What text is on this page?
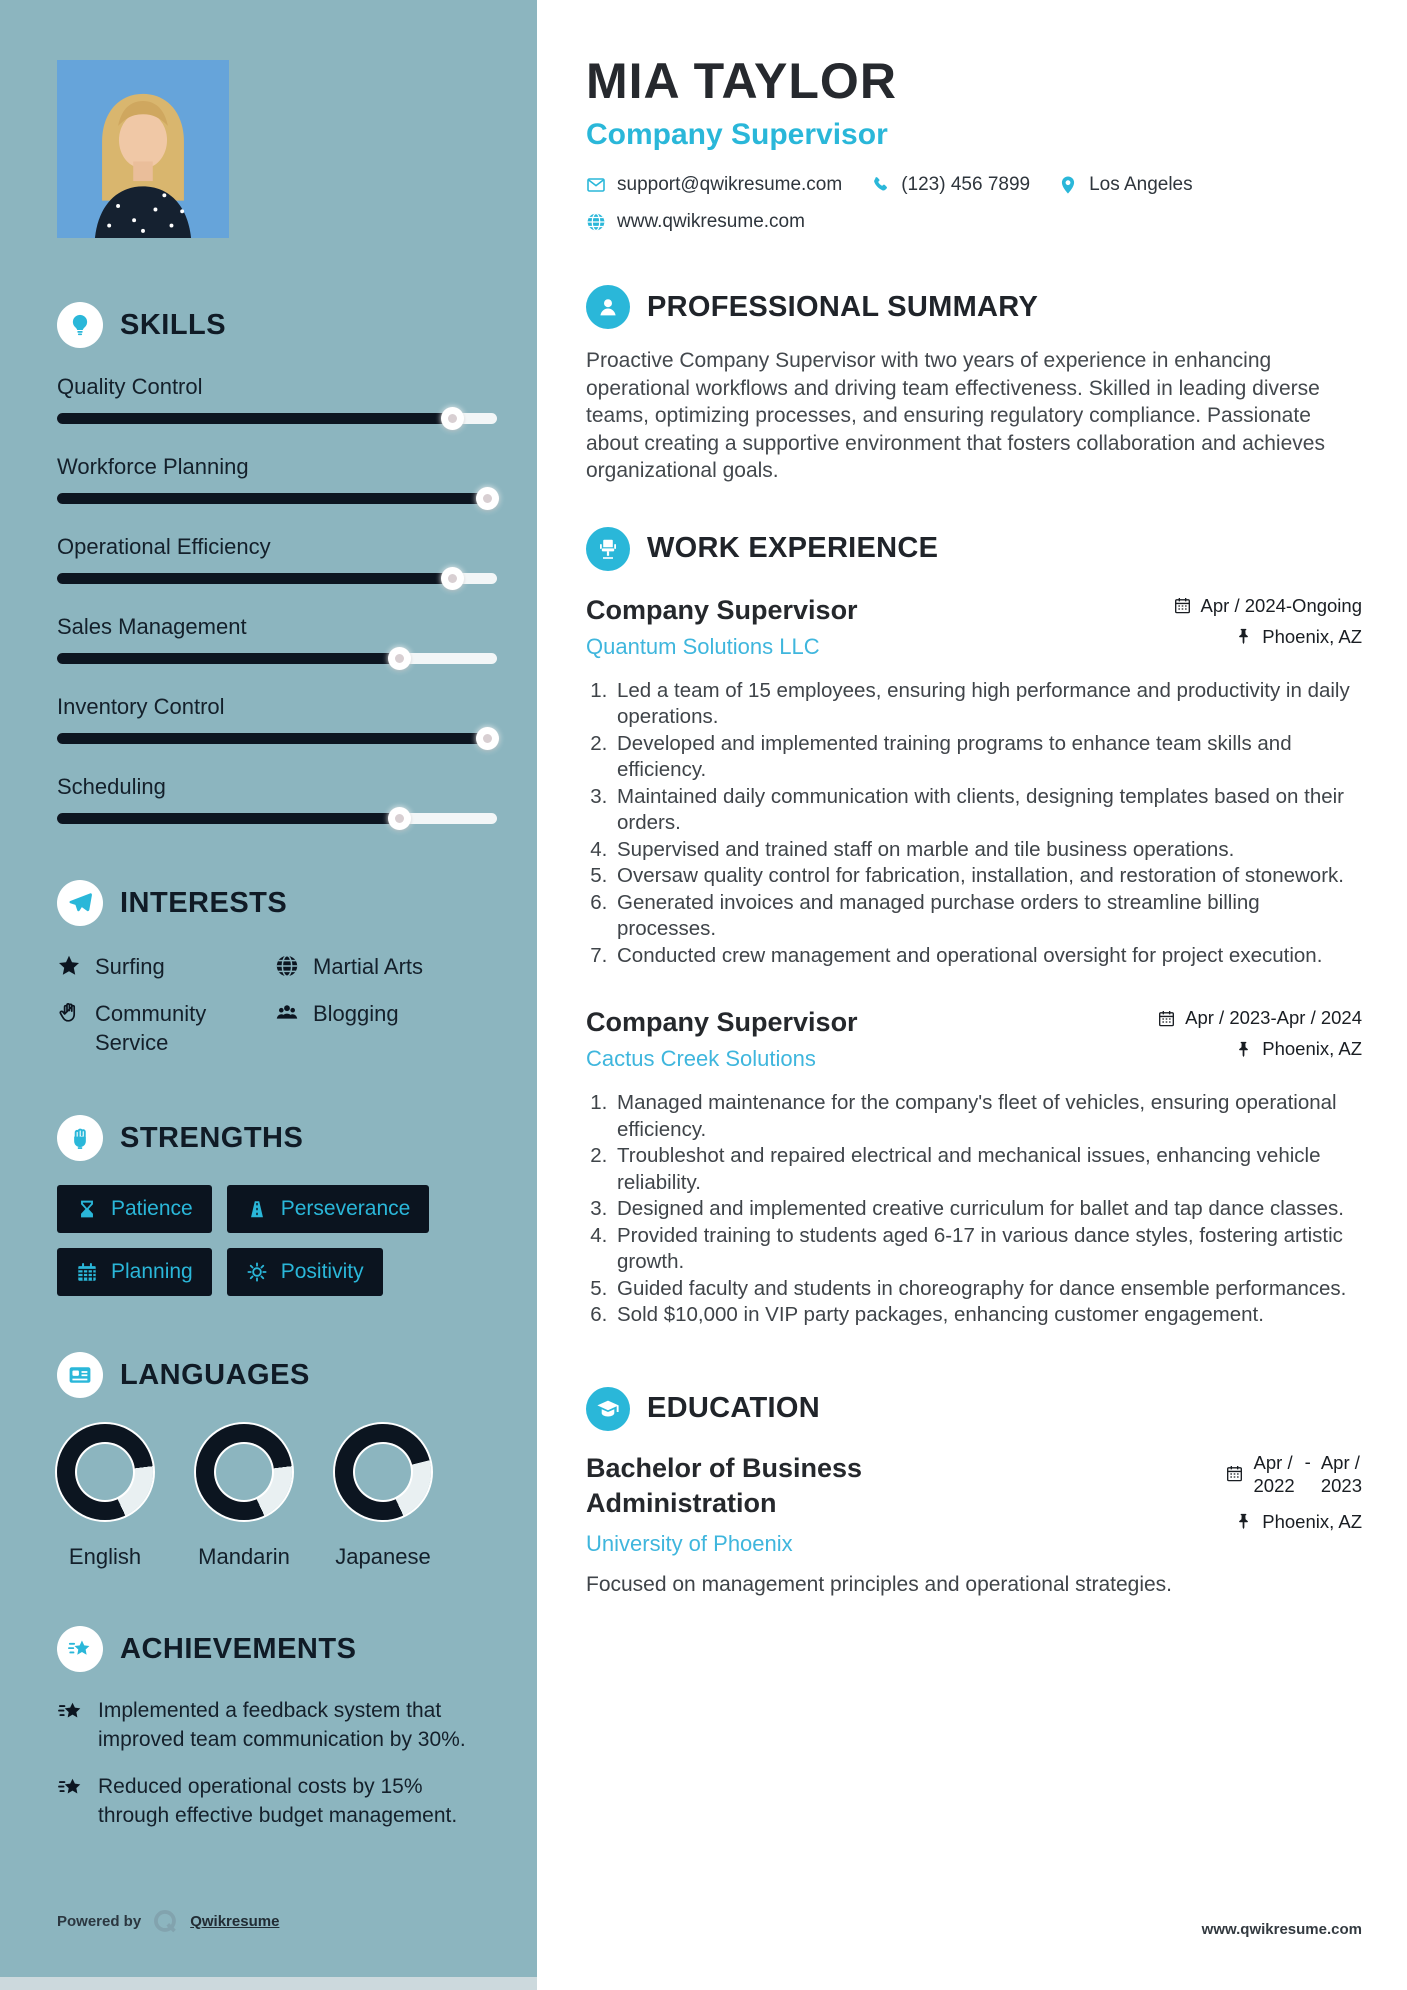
SKILLS
Quality Control
Workforce Planning
Operational Efficiency
Sales Management
Inventory Control
Scheduling
INTERESTS
Surfing	Martial Arts
Community Service
Blogging
STRENGTHS
Patience	Perseverance
Planning	Positivity
LANGUAGES
English	Mandarin Japanese
ACHIEVEMENTS

Implemented a feedback system that improved team communication by 30%.

Reduced operational costs by 15% through effective budget management.

Powered by	Qwikresume
MIA TAYLOR
Company Supervisor
support@qwikresume.com	(123) 456 7899	Los Angeles
www.qwikresume.com
PROFESSIONAL SUMMARY

Proactive Company Supervisor with two years of experience in enhancing operational workflows and driving team effectiveness. Skilled in leading diverse teams, optimizing processes, and ensuring regulatory compliance. Passionate about creating a supportive environment that fosters collaboration and achieves organizational goals.

WORK EXPERIENCE
Company Supervisor
Quantum Solutions LLC
Apr / 2024-Ongoing
Phoenix, AZ
1. Led a team of 15 employees, ensuring high performance and productivity in daily operations.
2. Developed and implemented training programs to enhance team skills and efficiency.
3. Maintained daily communication with clients, designing templates based on their orders.
4. Supervised and trained staff on marble and tile business operations.
5. Oversaw quality control for fabrication, installation, and restoration of stonework.
6. Generated invoices and managed purchase orders to streamline billing processes.
7. Conducted crew management and operational oversight for project execution.
Company Supervisor
Cactus Creek Solutions
Apr / 2023-Apr / 2024
Phoenix, AZ
1. Managed maintenance for the company's fleet of vehicles, ensuring operational efficiency.
2. Troubleshot and repaired electrical and mechanical issues, enhancing vehicle reliability.
3. Designed and implemented creative curriculum for ballet and tap dance classes.
4. Provided training to students aged 6-17 in various dance styles, fostering artistic growth.
5. Guided faculty and students in choreography for dance ensemble performances.
6. Sold $10,000 in VIP party packages, enhancing customer engagement.
EDUCATION
Bachelor of Business Administration
University of Phoenix
Apr /
2022
- Apr /
2023
Phoenix, AZ

Focused on management principles and operational strategies.

www.qwikresume.com
